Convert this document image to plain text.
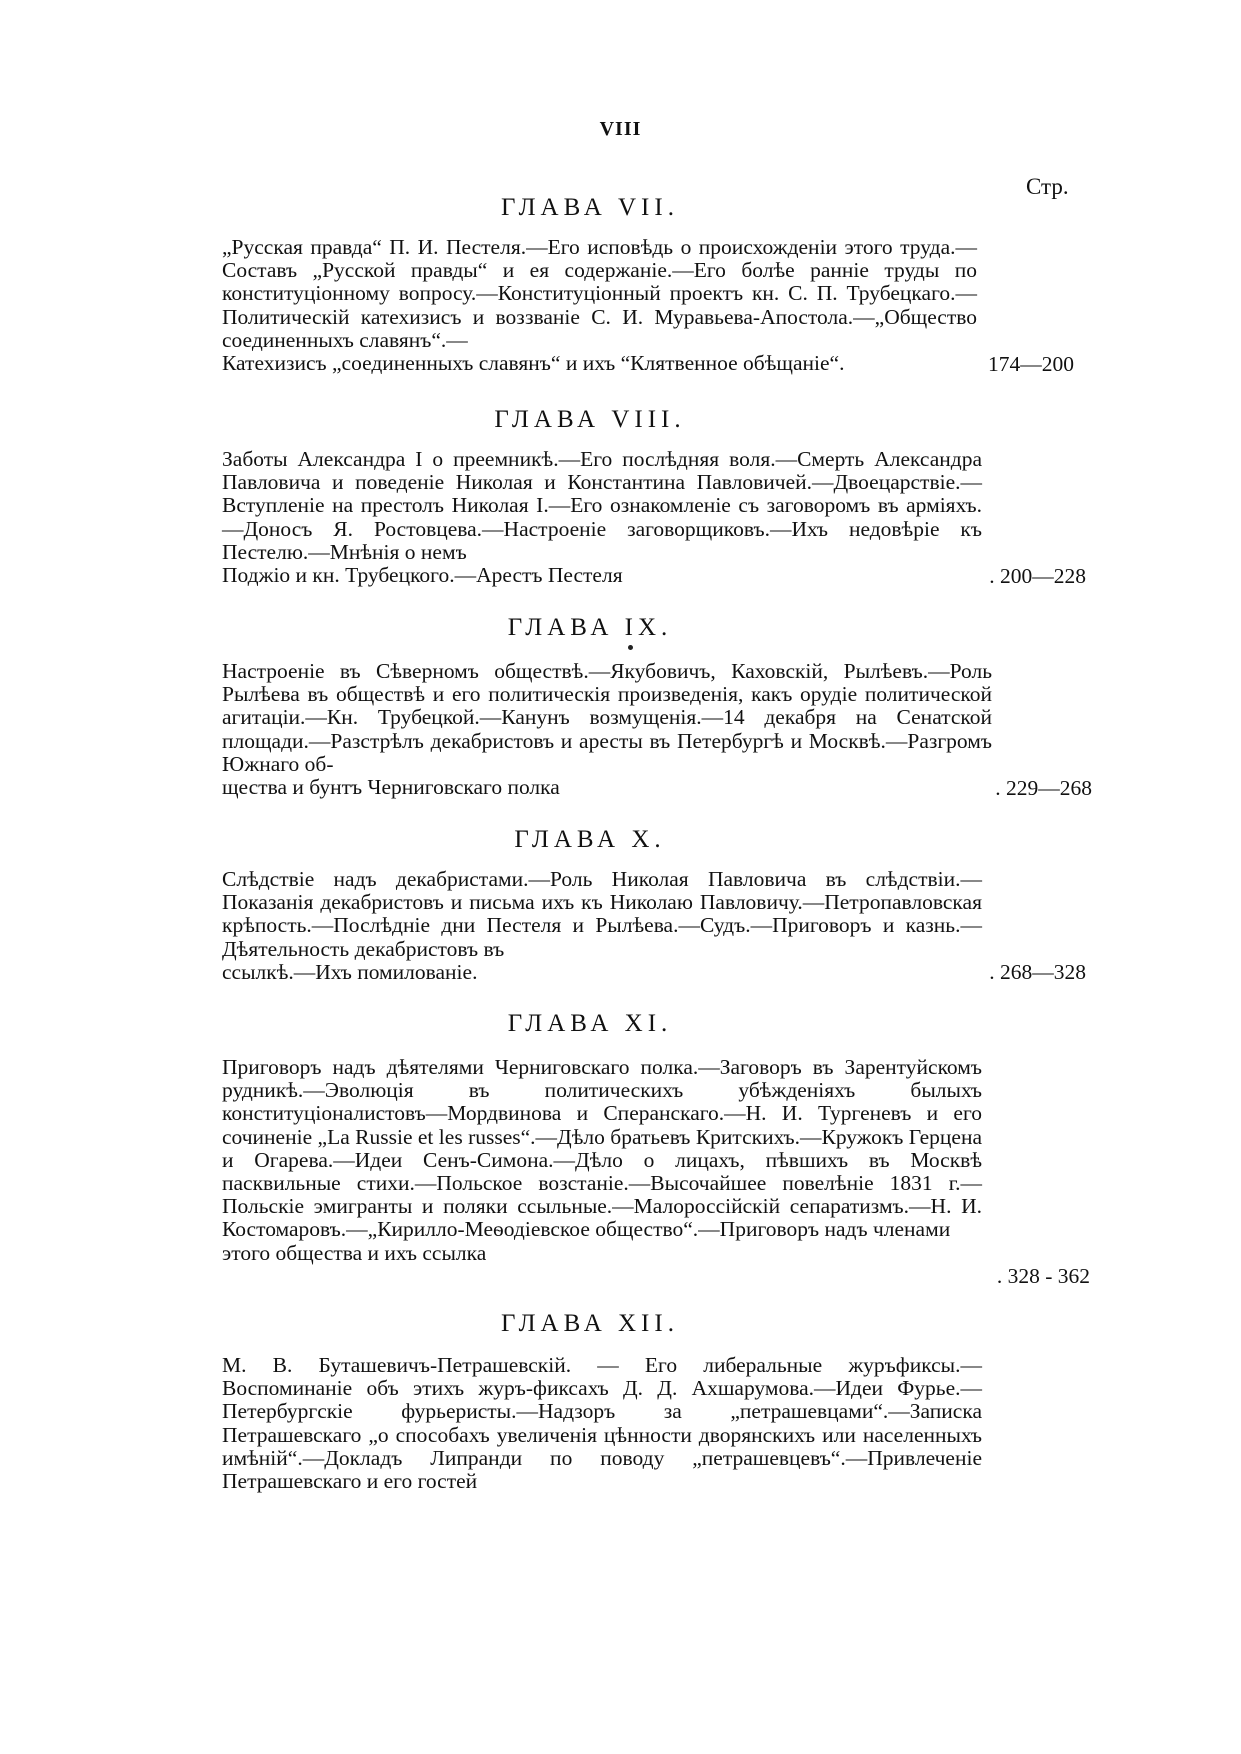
VIII
Стр.
ГЛАВА VII.
„Русская правда“ П. И. Пестеля.—Его исповѣдь о происхожденіи этого труда.—Составъ „Русской правды“ и ея содержаніе.—Его болѣе раннiе труды по конституціонному вопросу.—Конституціонный проектъ кн. С. П. Трубецкаго.—Политическій катехизисъ и воззваніе С. И. Муравьева-Апостола.—„Общество соединенныхъ славянъ“.—
Катехизисъ „соединенныхъ славянъ“ и ихъ “Клятвенное обѣщаніе“.	174—200
ГЛАВА VIII.
Заботы Александра I о преемникѣ.—Его послѣдняя воля.—Смерть Александра Павловича и поведеніе Николая и Константина Павловичей.—Двоецарствіе.—Вступленіе на престолъ Николая I.—Его ознакомленіе съ заговоромъ въ арміяхъ.—Доносъ Я. Ростовцева.—Настроеніе заговорщиковъ.—Ихъ недовѣріе къ Пестелю.—Мнѣнія о немъ
Поджіо и кн. Трубецкого.—Арестъ Пестеля	. 200—228
ГЛАВА IX.
Настроеніе въ Сѣверномъ обществѣ.—Якубовичъ, Каховскій, Рылѣевъ.—Роль Рылѣева въ обществѣ и его политическія произведенія, какъ орудіе политической агитаціи.—Кн. Трубецкой.—Канунъ возмущенія.—14 декабря на Сенатской площади.—Разстрѣлъ декабристовъ и аресты въ Петербургѣ и Москвѣ.—Разгромъ Южнаго об-
щества и бунтъ Черниговскаго полка	. 229—268
ГЛАВА X.
Слѣдствіе надъ декабристами.—Роль Николая Павловича въ слѣдствіи.—Показанія декабристовъ и письма ихъ къ Николаю Павловичу.—Петропавловская крѣпость.—Послѣдніе дни Пестеля и Рылѣева.—Судъ.—Приговоръ и казнь.—Дѣятельность декабристовъ въ
ссылкѣ.—Ихъ помилованіе.	. 268—328
ГЛАВА XI.
Приговоръ надъ дѣятелями Черниговскаго полка.—Заговоръ въ Зарентуйскомъ рудникѣ.—Эволюція въ политическихъ убѣжденіяхъ былыхъ конституціоналистовъ—Мордвинова и Сперанскаго.—Н. И. Тургеневъ и его сочиненіе „La Russie et les russes“.—Дѣло братьевъ Критскихъ.—Кружокъ Герцена и Огарева.—Идеи Сенъ-Симона.—Дѣло о лицахъ, пѣвшихъ въ Москвѣ пасквильные стихи.—Польское возстаніе.—Высочайшее повелѣніе 1831 г.—Польскіе эмигранты и поляки ссыльные.—Малороссійскій сепаратизмъ.—Н. И. Костомаровъ.—„Кирилло-Меѳодіевское общество“.—Приговоръ надъ членами
этого общества и ихъ ссылка
. 328 - 362
ГЛАВА XII.
М. В. Буташевичъ-Петрашевскій. — Его либеральные журъфиксы.—Воспоминаніе объ этихъ журъ-фиксахъ Д. Д. Ахшарумова.—Идеи Фурье.—Петербургскіе фурьеристы.—Надзоръ за „петрашевцами“.—Записка Петрашевскаго „о способахъ увеличенія цѣнности дворянскихъ или населенныхъ имѣній“.—Докладъ Липранди по поводу „петрашевцевъ“.—Привлеченіе Петрашевскаго и его гостей
